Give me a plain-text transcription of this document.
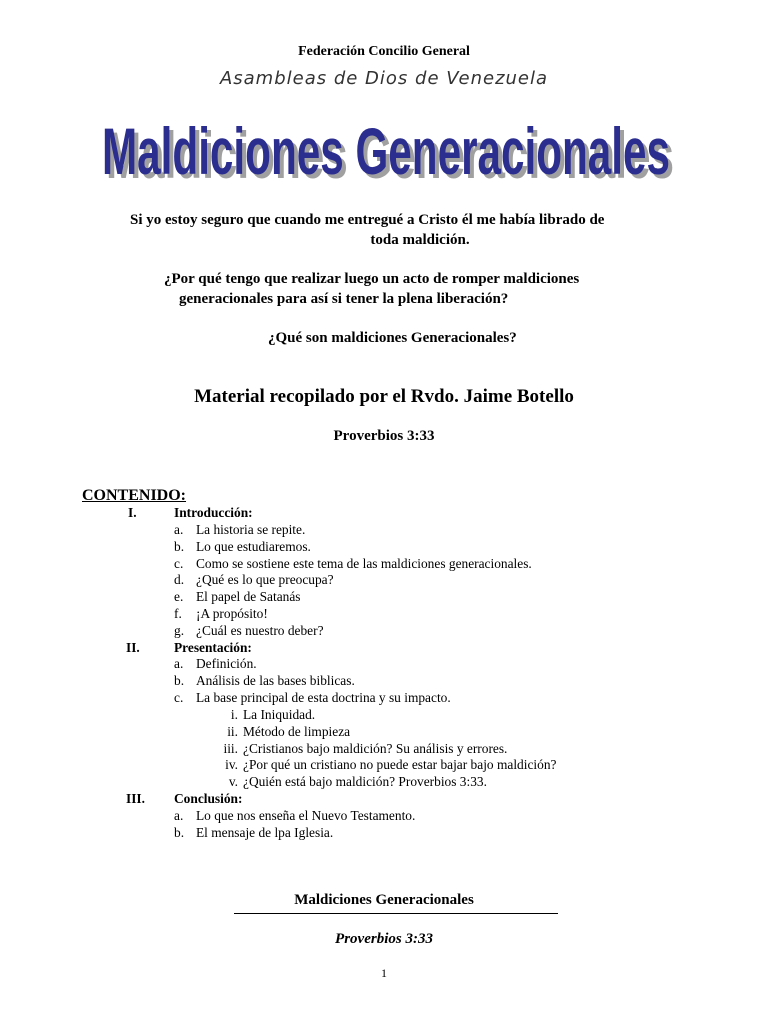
Federación Concilio General
Asambleas de Dios de Venezuela
Maldiciones Generacionales
Maldiciones Generacionales
Si yo estoy seguro que cuando me entregué a Cristo él me había librado de
toda maldición.
¿Por qué tengo que realizar luego un acto de romper maldiciones
generacionales para así si tener la plena liberación?
¿Qué son maldiciones Generacionales?
Material recopilado por el Rvdo. Jaime Botello
Proverbios 3:33
CONTENIDO:
I.	Introducción:
a. La historia se repite.
b. Lo que estudiaremos.
c. Como se sostiene este tema de las maldiciones generacionales.
d. ¿Qué es lo que preocupa?
e. El papel de Satanás
f. ¡A propósito!
g. ¿Cuál es nuestro deber?
II.	Presentación:
a. Definición.
b. Análisis de las bases biblicas.
c. La base principal de esta doctrina y su impacto.
i. La Iniquidad.
ii. Método de limpieza
iii. ¿Cristianos bajo maldición? Su análisis y errores.
iv. ¿Por qué un cristiano no puede estar bajar bajo maldición?
v. ¿Quién está bajo maldición? Proverbios 3:33.
III. Conclusión:
a. Lo que nos enseña el Nuevo Testamento.
b. El mensaje de lpa Iglesia.
Maldiciones Generacionales
Proverbios 3:33
1
